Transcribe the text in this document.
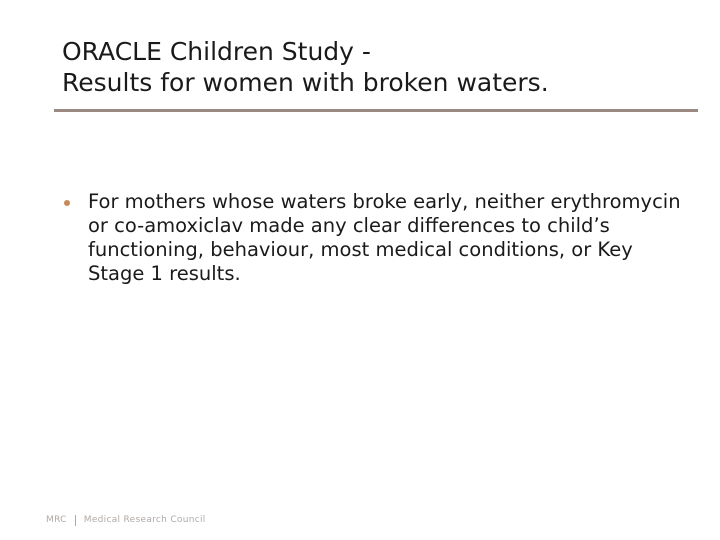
ORACLE Children Study -
Results for women with broken waters.
For mothers whose waters broke early, neither erythromycin or co-amoxiclav made any clear differences to child’s functioning, behaviour, most medical conditions, or Key Stage 1 results.
MRC Medical Research Council
